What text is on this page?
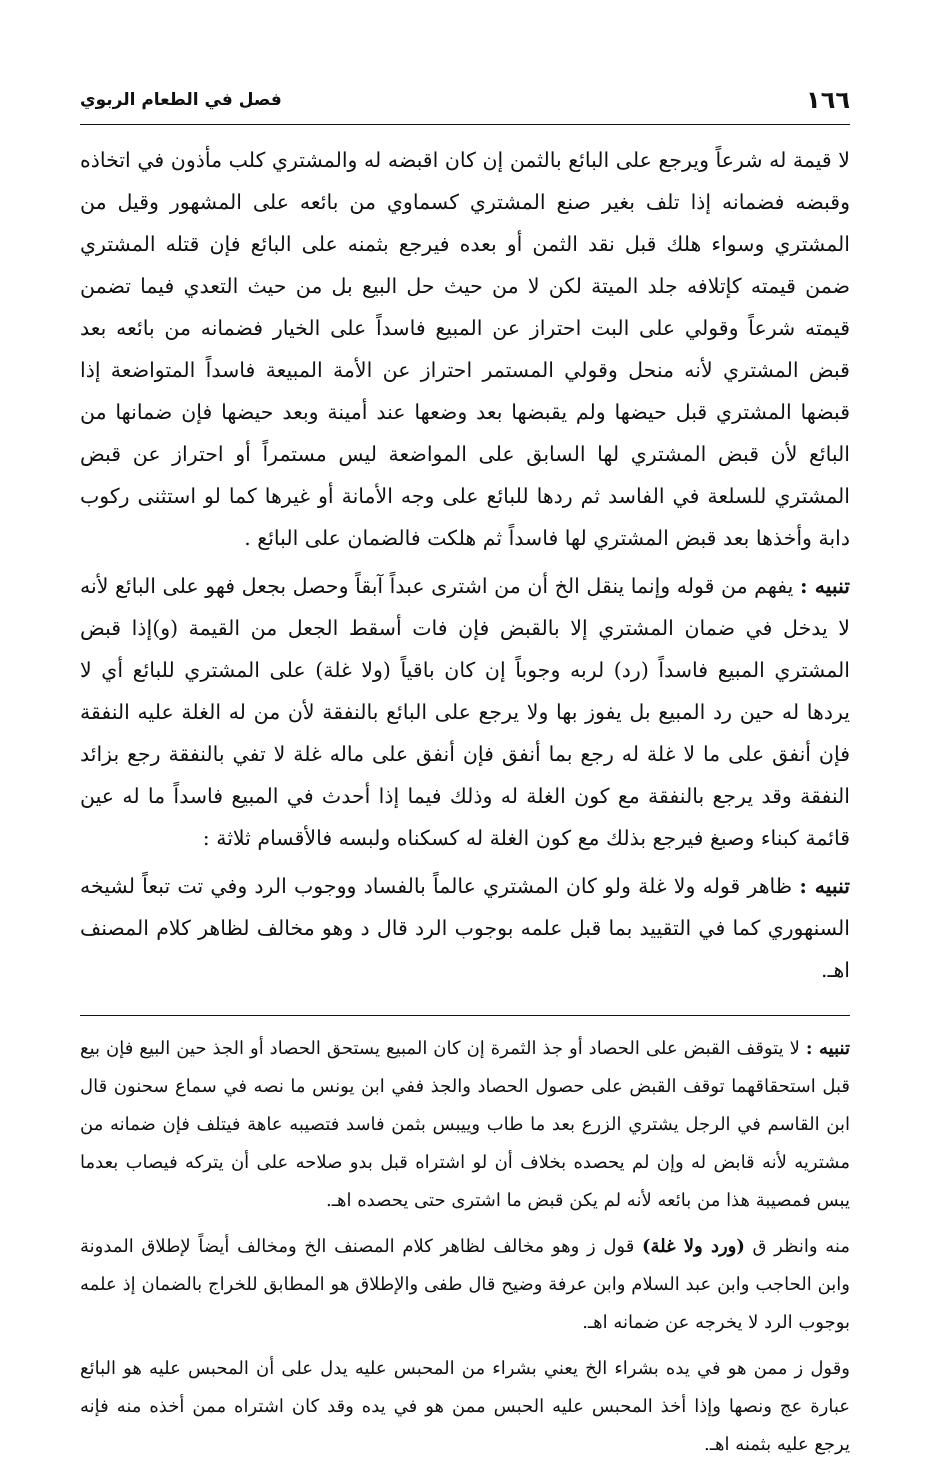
١٦٦
فصل في الطعام الربوي

لا قيمة له شرعاً ويرجع على البائع بالثمن إن كان اقبضه له والمشتري كلب مأذون في اتخاذه وقبضه فضمانه إذا تلف بغير صنع المشتري كسماوي من بائعه على المشهور وقيل من المشتري وسواء هلك قبل نقد الثمن أو بعده فيرجع بثمنه على البائع فإن قتله المشتري ضمن قيمته كإتلافه جلد الميتة لكن لا من حيث حل البيع بل من حيث التعدي فيما تضمن قيمته شرعاً وقولي على البت احتراز عن المبيع فاسداً على الخيار فضمانه من بائعه بعد قبض المشتري لأنه منحل وقولي المستمر احتراز عن الأمة المبيعة فاسداً المتواضعة إذا قبضها المشتري قبل حيضها ولم يقبضها بعد وضعها عند أمينة وبعد حيضها فإن ضمانها من البائع لأن قبض المشتري لها السابق على المواضعة ليس مستمراً أو احتراز عن قبض المشتري للسلعة في الفاسد ثم ردها للبائع على وجه الأمانة أو غيرها كما لو استثنى ركوب دابة وأخذها بعد قبض المشتري لها فاسداً ثم هلكت فالضمان على البائع .

تنبيه : يفهم من قوله وإنما ينقل الخ أن من اشترى عبداً آبقاً وحصل بجعل فهو على البائع لأنه لا يدخل في ضمان المشتري إلا بالقبض فإن فات أسقط الجعل من القيمة (و)إذا قبض المشتري المبيع فاسداً (رد) لربه وجوباً إن كان باقياً (ولا غلة) على المشتري للبائع أي لا يردها له حين رد المبيع بل يفوز بها ولا يرجع على البائع بالنفقة لأن من له الغلة عليه النفقة فإن أنفق على ما لا غلة له رجع بما أنفق فإن أنفق على ماله غلة لا تفي بالنفقة رجع بزائد النفقة وقد يرجع بالنفقة مع كون الغلة له وذلك فيما إذا أحدث في المبيع فاسداً ما له عين قائمة كبناء وصبغ فيرجع بذلك مع كون الغلة له كسكناه ولبسه فالأقسام ثلاثة :

تنبيه : ظاهر قوله ولا غلة ولو كان المشتري عالماً بالفساد ووجوب الرد وفي تت تبعاً لشيخه السنهوري كما في التقييد بما قبل علمه بوجوب الرد قال د وهو مخالف لظاهر كلام المصنف اهـ.

تنبيه : لا يتوقف القبض على الحصاد أو جذ الثمرة إن كان المبيع يستحق الحصاد أو الجذ حين البيع فإن بيع قبل استحقاقهما توقف القبض على حصول الحصاد والجذ ففي ابن يونس ما نصه في سماع سحنون قال ابن القاسم في الرجل يشتري الزرع بعد ما طاب وييبس بثمن فاسد فتصيبه عاهة فيتلف فإن ضمانه من مشتريه لأنه قابض له وإن لم يحصده بخلاف أن لو اشتراه قبل بدو صلاحه على أن يتركه فيصاب بعدما يبس فمصيبة هذا من بائعه لأنه لم يكن قبض ما اشترى حتى يحصده اهـ.

منه وانظر ق (ورد ولا غلة) قول ز وهو مخالف لظاهر كلام المصنف الخ ومخالف أيضاً لإطلاق المدونة وابن الحاجب وابن عبد السلام وابن عرفة وضيح قال طفى والإطلاق هو المطابق للخراج بالضمان إذ علمه بوجوب الرد لا يخرجه عن ضمانه اهـ.

وقول ز ممن هو في يده بشراء الخ يعني بشراء من المحبس عليه يدل على أن المحبس عليه هو البائع عبارة عج ونصها وإذا أخذ المحبس عليه الحبس ممن هو في يده وقد كان اشتراه ممن أخذه منه فإنه يرجع عليه بثمنه اهـ.
